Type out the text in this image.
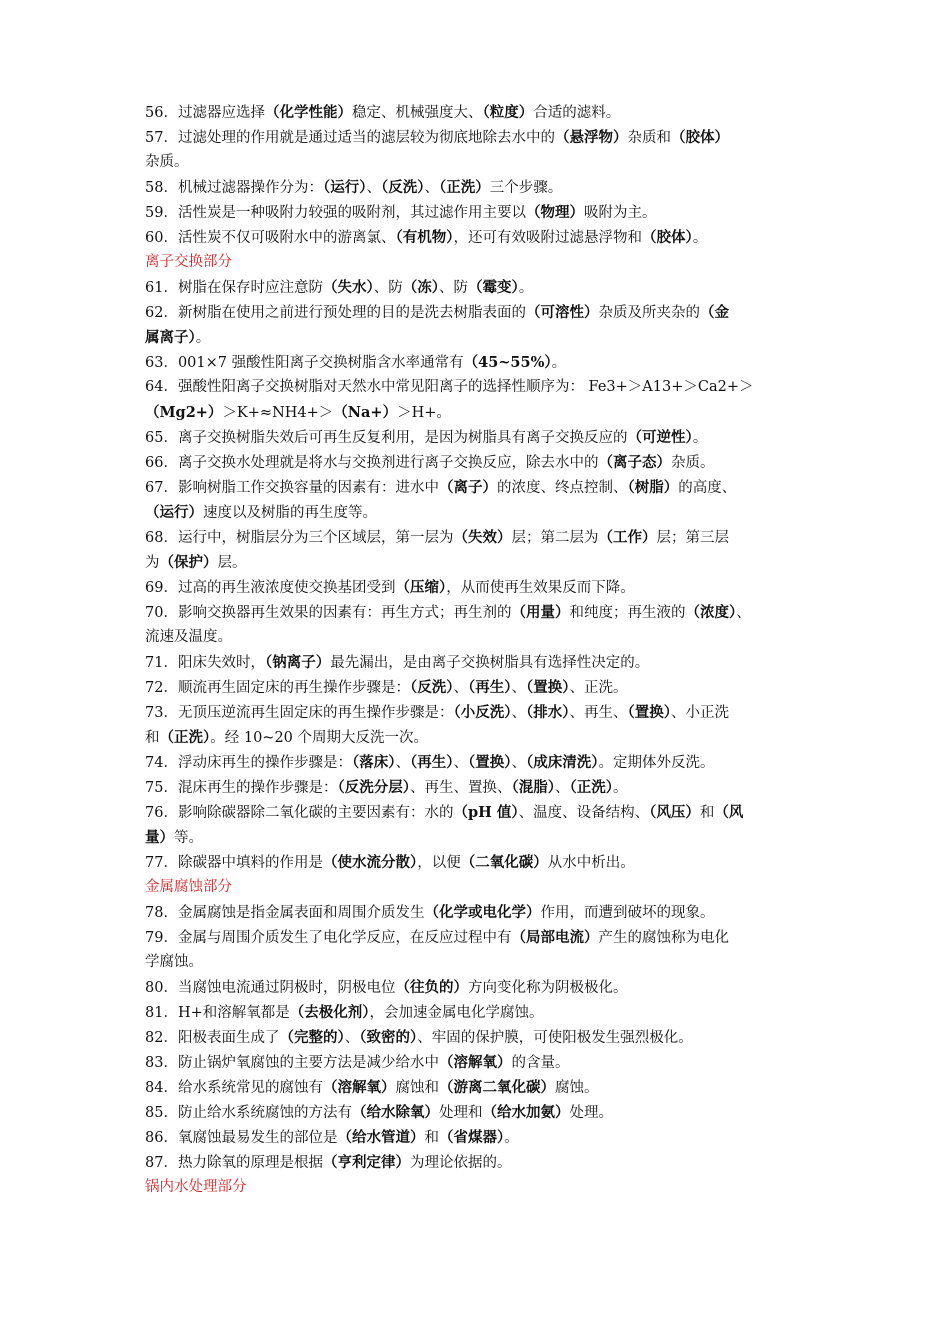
56．过滤器应选择（化学性能）稳定、机械强度大、（粒度）合适的滤料。
57．过滤处理的作用就是通过适当的滤层较为彻底地除去水中的（悬浮物）杂质和（胶体）
杂质。
58．机械过滤器操作分为：（运行）、（反洗）、（正洗）三个步骤。
59．活性炭是一种吸附力较强的吸附剂，其过滤作用主要以（物理）吸附为主。
60．活性炭不仅可吸附水中的游离氯、（有机物），还可有效吸附过滤悬浮物和（胶体）。
离子交换部分
61．树脂在保存时应注意防（失水）、防（冻）、防（霉变）。
62．新树脂在使用之前进行预处理的目的是洗去树脂表面的（可溶性）杂质及所夹杂的（金
属离子）。
63．001×7 强酸性阳离子交换树脂含水率通常有（45~55%）。
64．强酸性阳离子交换树脂对天然水中常见阳离子的选择性顺序为： Fe3+＞A13+＞Ca2+＞
（Mg2+）＞K+≈NH4+＞（Na+）＞H+。
65．离子交换树脂失效后可再生反复利用，是因为树脂具有离子交换反应的（可逆性）。
66．离子交换水处理就是将水与交换剂进行离子交换反应，除去水中的（离子态）杂质。
67．影响树脂工作交换容量的因素有：进水中（离子）的浓度、终点控制、（树脂）的高度、
（运行）速度以及树脂的再生度等。
68．运行中，树脂层分为三个区域层，第一层为（失效）层；第二层为（工作）层；第三层
为（保护）层。
69．过高的再生液浓度使交换基团受到（压缩），从而使再生效果反而下降。
70．影响交换器再生效果的因素有：再生方式；再生剂的（用量）和纯度；再生液的（浓度）、
流速及温度。
71．阳床失效时，（钠离子）最先漏出，是由离子交换树脂具有选择性决定的。
72．顺流再生固定床的再生操作步骤是：（反洗）、（再生）、（置换）、正洗。
73．无顶压逆流再生固定床的再生操作步骤是：（小反洗）、（排水）、再生、（置换）、小正洗
和（正洗）。经 10~20 个周期大反洗一次。
74．浮动床再生的操作步骤是：（落床）、（再生）、（置换）、（成床清洗）。定期体外反洗。
75．混床再生的操作步骤是：（反洗分层）、再生、置换、（混脂）、（正洗）。
76．影响除碳器除二氧化碳的主要因素有：水的（pH 值）、温度、设备结构、（风压）和（风
量）等。
77．除碳器中填料的作用是（使水流分散），以便（二氧化碳）从水中析出。
金属腐蚀部分
78．金属腐蚀是指金属表面和周围介质发生（化学或电化学）作用，而遭到破坏的现象。
79．金属与周围介质发生了电化学反应，在反应过程中有（局部电流）产生的腐蚀称为电化
学腐蚀。
80．当腐蚀电流通过阴极时，阴极电位（往负的）方向变化称为阴极极化。
81．H+和溶解氧都是（去极化剂），会加速金属电化学腐蚀。
82．阳极表面生成了（完整的）、（致密的）、牢固的保护膜，可使阳极发生强烈极化。
83．防止锅炉氧腐蚀的主要方法是减少给水中（溶解氧）的含量。
84．给水系统常见的腐蚀有（溶解氧）腐蚀和（游离二氧化碳）腐蚀。
85．防止给水系统腐蚀的方法有（给水除氧）处理和（给水加氨）处理。
86．氧腐蚀最易发生的部位是（给水管道）和（省煤器）。
87．热力除氧的原理是根据（亨利定律）为理论依据的。
锅内水处理部分
